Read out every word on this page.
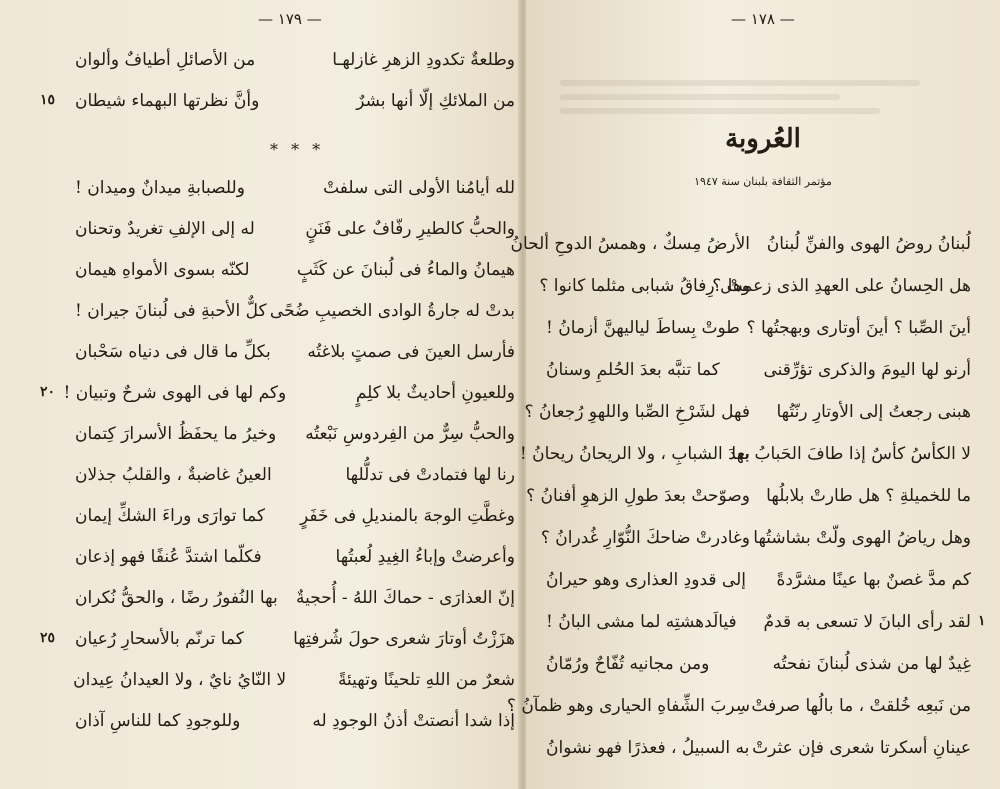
— ١٧٩ —
* * *
وطلعةٌ تكدودِ الزهرِ غازلهـا
من الأصائلِ أطيافٌ وألوان
من الملائكِ إلّا أنها بشرٌ
وأنَّ نظرتها البهماء شيطان
لله أيامُنا الأولى التى سلفتْ
وللصبابةِ ميدانٌ وميدان !
والحبُّ كالطيرِ رفّافٌ على فَنَنٍ
له إلى الإلفِ تغريدٌ وتحنان
هيمانُ والماءُ فى لُبنانَ عن كَثَبٍ
لكنّه بسوى الأمواهِ هيمان
بدتْ له جارةُ الوادى الخصيبِ ضُحًى
كلٌّ الأحبةِ فى لُبنانَ جيران !
فأرسل العينَ فى صمتٍ بلاغتُه
بكلِّ ما قال فى دنياه سَحْبان
وللعيونِ أحاديثٌ بلا كلِمٍ
وكم لها فى الهوى شرحٌ وتبيان !
والحبُّ سِرٌّ من الفِردوسِ نَبْعتُه
وخيرُ ما يحفَظُ الأسرارَ كِتمان
رنا لها فتمادتْ فى تدلُّلها
العينُ غاضبةٌ ، والقلبُ جذلان
وغطَّتِ الوجهَ بالمنديلِ فى خَفَرٍ
كما توارَى وراءَ الشكِّ إيمان
وأعرضتْ وإباءُ الغِيدِ لُعبتُها
فكلّما اشتدَّ عُنفًا فهو إذعان
إنّ العذارَى - حماكَ اللهُ - أُحجيةٌ
بها النُفورُ رضًا ، والحقُّ نُكران
هزَزْتُ أوتارَ شعرى حولَ شُرفتِها
كما ترنّم بالأسحارِ رُعيان
شعرٌ من اللهِ تلحينًا وتهيئةً
لا النّايُ نايٌ ، ولا العيدانُ عِيدان
إذا شدا أنصتتْ أذنُ الوجودِ له
وللوجودِ كما للناسِ آذان
١٥
٢٠
٢٥
— ١٧٨ —
العُروبة
مؤتمر الثقافة بلبنان سنة ١٩٤٧
لُبنانُ روضُ الهوى والفنِّ لُبنانُ
الأرضُ مِسكٌ ، وهمسُ الدوحِ ألحانُ
هل الحِسانُ على العهدِ الذى زعمتْ ؟
وهل رِفاقُ شبابى مثلما كانوا ؟
أينَ الصِّبا ؟ أينَ أوتارى وبهجتُها ؟
طوتْ بِساطَ لياليهنَّ أزمانُ !
أرنو لها اليومَ والذكرى تؤرِّقنى
كما تنبَّه بعدَ الحُلمِ وسنانُ
هبنى رجعتُ إلى الأوتارِ رنّتُها
فهل لشَرْخِ الصِّبا واللهوِ رُجعانُ ؟
لا الكأسُ كأسٌ إذا طافَ الحَبابُ بها
بعدَ الشبابِ ، ولا الريحانُ ريحانُ !
ما للخميلةِ ؟ هل طارتْ بلابلُها
وصوّحتْ بعدَ طولِ الزهوِ أفنانُ ؟
وهل رياضُ الهوى ولّتْ بشاشتُها
وغادرتْ ضاحكَ النُّوّارِ غُدرانُ ؟
كم مدَّ غصنٌ بها عينًا مشرَّدةً
إلى قدودِ العذارى وهو حيرانُ
لقد رأى البانَ لا تسعى به قدمٌ
فيالَدهشتِه لما مشى البانُ !
غِيدٌ لها من شذى لُبنانَ نفحتُه
ومن مجانيه تُفّاحٌ ورُمّانُ
من نَبعِه خُلقتْ ، ما بالُها صرفتْ
سِربَ الشِّفاهِ الحيارى وهو ظمآنُ ؟
عينانِ أسكرتا شعرى فإن عثرتْ
به السبيلُ ، فعذرًا فهو نشوانُ
١
